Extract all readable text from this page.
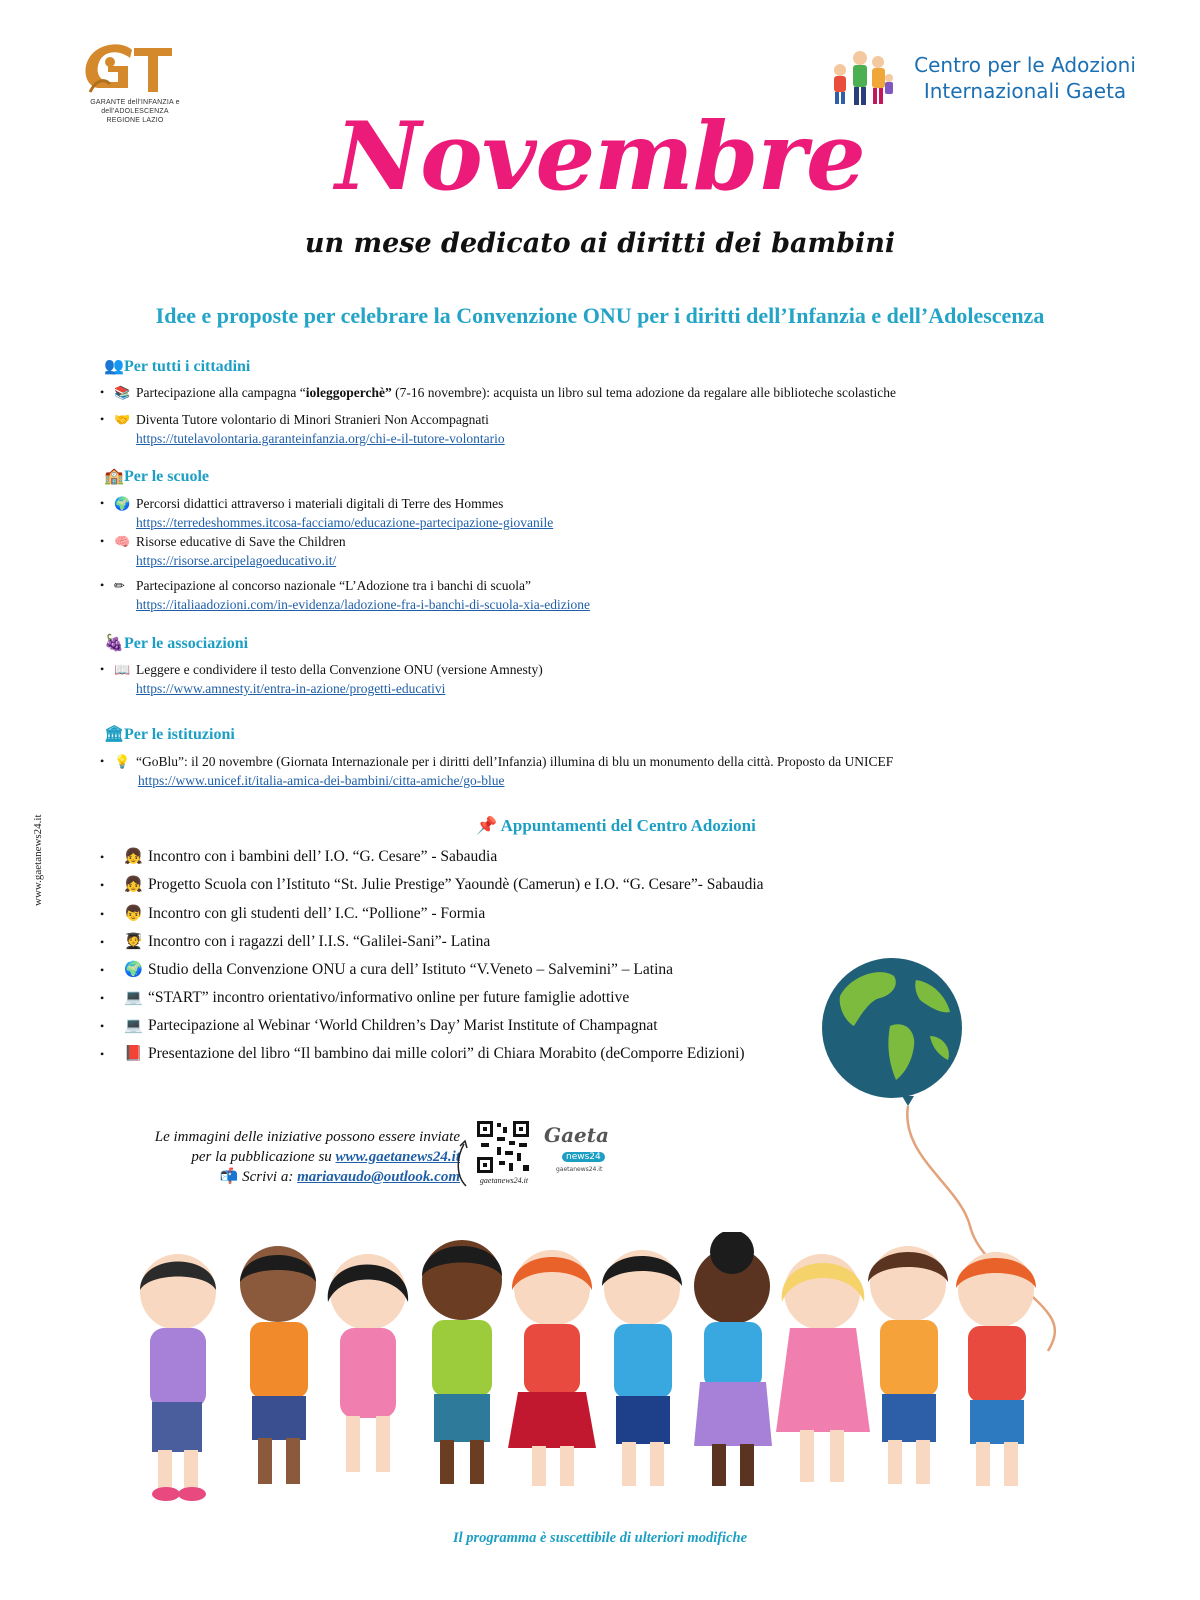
GARANTE dell'INFANZIA e dell'ADOLESCENZA
REGIONE LAZIO
Centro per le Adozioni
Internazionali Gaeta
Novembre
un mese dedicato ai diritti dei bambini
Idee e proposte per celebrare la Convenzione ONU per i diritti dell’Infanzia e dell’Adolescenza
www.gaetanews24.it
👥Per tutti i cittadini
• 📚 Partecipazione alla campagna “ioleggoperchè” (7-16 novembre): acquista un libro sul tema adozione da regalare alle biblioteche scolastiche
• 🤝 Diventa Tutore volontario di Minori Stranieri Non Accompagnati
https://tutelavolontaria.garanteinfanzia.org/chi-e-il-tutore-volontario
🏫Per le scuole
• 🌍 Percorsi didattici attraverso i materiali digitali di Terre des Hommes
https://terredeshommes.itcosa-facciamo/educazione-partecipazione-giovanile
• 🧠 Risorse educative di Save the Children
https://risorse.arcipelagoeducativo.it/
• ✏ Partecipazione al concorso nazionale “L’Adozione tra i banchi di scuola”
https://italiaadozioni.com/in-evidenza/ladozione-fra-i-banchi-di-scuola-xia-edizione
🍇Per le associazioni
• 📖 Leggere e condividere il testo della Convenzione ONU (versione Amnesty)
https://www.amnesty.it/entra-in-azione/progetti-educativi
🏛Per le istituzioni
• 💡 “GoBlu”: il 20 novembre (Giornata Internazionale per i diritti dell’Infanzia) illumina di blu un monumento della città. Proposto da UNICEF
https://www.unicef.it/italia-amica-dei-bambini/citta-amiche/go-blue
📌 Appuntamenti del Centro Adozioni
• 👧 Incontro con i bambini dell’ I.O. “G. Cesare” - Sabaudia
• 👧 Progetto Scuola con l’Istituto “St. Julie Prestige” Yaoundè (Camerun) e I.O. “G. Cesare”- Sabaudia
• 👦 Incontro con gli studenti dell’ I.C. “Pollione” - Formia
• 🧑‍🎓 Incontro con i ragazzi dell’ I.I.S. “Galilei-Sani”- Latina
• 🌍 Studio della Convenzione ONU a cura dell’ Istituto “V.Veneto – Salvemini” – Latina
• 💻 “START” incontro orientativo/informativo online per future famiglie adottive
• 💻 Partecipazione al Webinar ‘World Children’s Day’ Marist Institute of Champagnat
• 📕 Presentazione del libro “Il bambino dai mille colori” di Chiara Morabito (deComporre Edizioni)
Le immagini delle iniziative possono essere inviate
per la pubblicazione su www.gaetanews24.it
📬 Scrivi a: mariavaudo@outlook.com	gaetanews24.it
Gaeta
news24
gaetanews24.it
Il programma è suscettibile di ulteriori modifiche
